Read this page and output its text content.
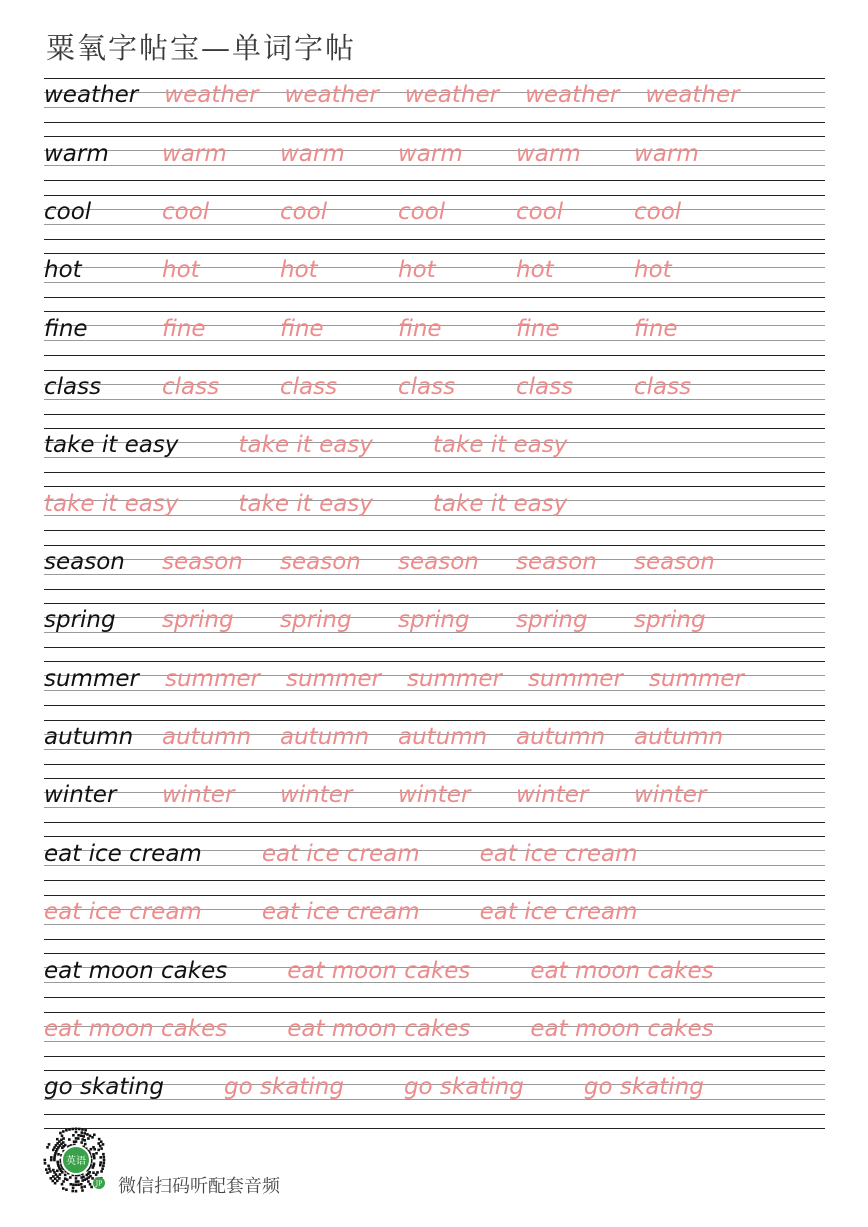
粟氧字帖宝—单词字帖
weather weather weather weather weather weather
warm warm warm warm warm warm
cool	cool	cool	cool	cool	cool
hot	hot	hot	hot	hot	hot
fine	fine	fine	fine	fine	fine
class	class	class	class	class	class
take it easy	take it easy	take it easy
take it easy	take it easy	take it easy
season season season season season season
spring spring spring spring spring spring
summer summer summer summer summer summer
autumn autumn autumn autumn autumn autumn
winter winter winter winter winter winter
eat ice cream	eat ice cream	eat ice cream
eat ice cream	eat ice cream	eat ice cream
eat moon cakes	eat moon cakes	eat moon cakes
eat moon cakes	eat moon cakes	eat moon cakes
go skating	go skating	go skating	go skating
英语
JP 微信扫码听配套音频
